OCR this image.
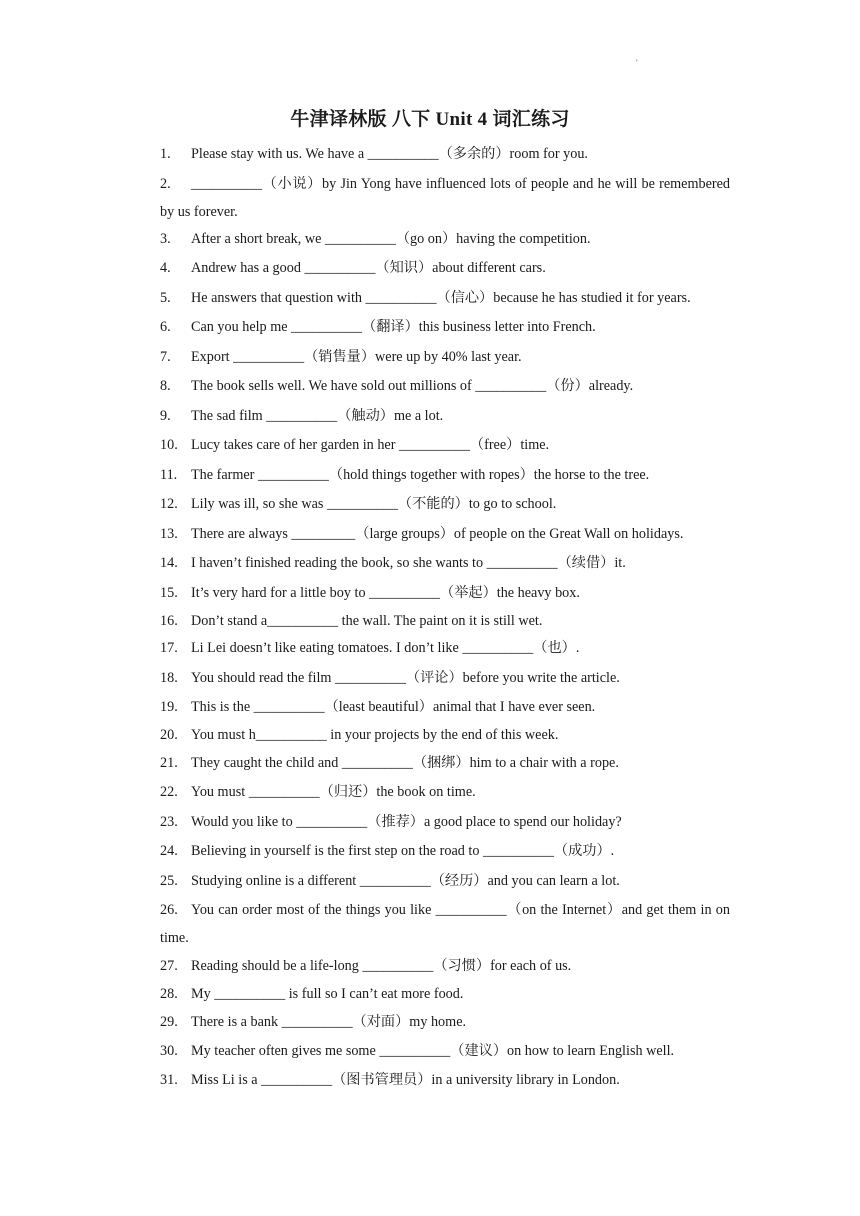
'
牛津译林版 八下 Unit 4 词汇练习
1. Please stay with us. We have a __________（多余的）room for you.
2. __________（小说）by Jin Yong have influenced lots of people and he will be remembered by us forever.
3. After a short break, we __________（go on）having the competition.
4. Andrew has a good __________（知识）about different cars.
5. He answers that question with __________（信心）because he has studied it for years.
6. Can you help me __________（翻译）this business letter into French.
7. Export __________（销售量）were up by 40% last year.
8. The book sells well. We have sold out millions of __________（份）already.
9. The sad film __________（触动）me a lot.
10. Lucy takes care of her garden in her __________（free）time.
11. The farmer __________（hold things together with ropes）the horse to the tree.
12. Lily was ill, so she was __________（不能的）to go to school.
13. There are always _________（large groups）of people on the Great Wall on holidays.
14. I haven’t finished reading the book, so she wants to __________（续借）it.
15. It’s very hard for a little boy to __________（举起）the heavy box.
16. Don’t stand a__________ the wall. The paint on it is still wet.
17. Li Lei doesn’t like eating tomatoes. I don’t like __________（也）.
18. You should read the film __________（评论）before you write the article.
19. This is the __________（least beautiful）animal that I have ever seen.
20. You must h__________ in your projects by the end of this week.
21. They caught the child and __________（捆绑）him to a chair with a rope.
22. You must __________（归还）the book on time.
23. Would you like to __________（推荐）a good place to spend our holiday?
24. Believing in yourself is the first step on the road to __________（成功）.
25. Studying online is a different __________（经历）and you can learn a lot.
26. You can order most of the things you like __________（on the Internet）and get them in on time.
27. Reading should be a life-long __________（习惯）for each of us.
28. My __________ is full so I can’t eat more food.
29. There is a bank __________（对面）my home.
30. My teacher often gives me some __________（建议）on how to learn English well.
31. Miss Li is a __________（图书管理员）in a university library in London.
